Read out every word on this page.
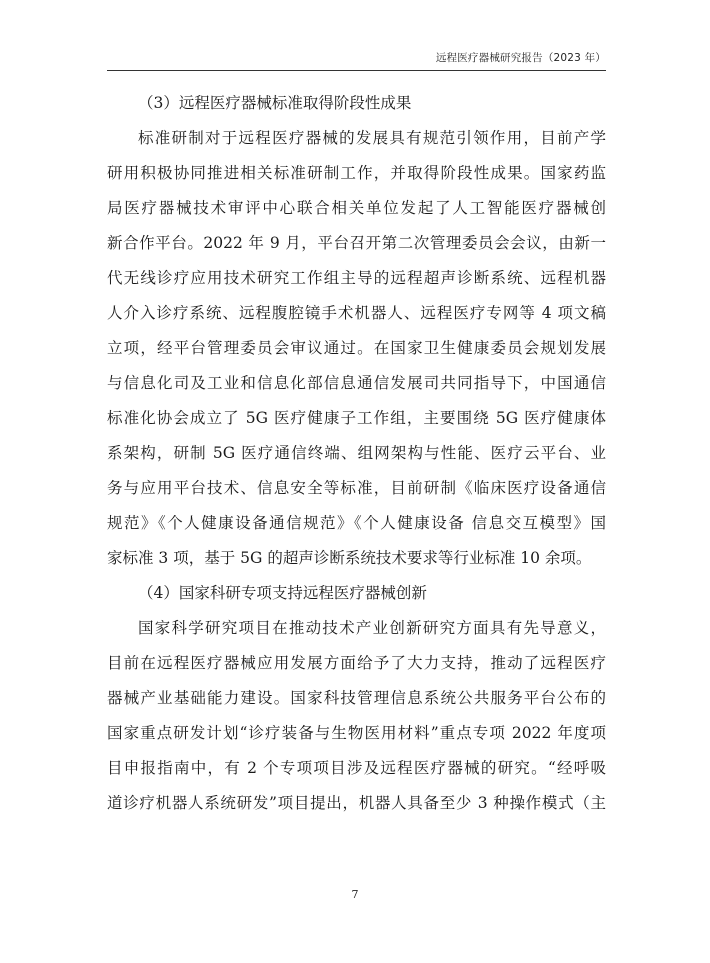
远程医疗器械研究报告（2023 年）

（3）远程医疗器械标准取得阶段性成果

标准研制对于远程医疗器械的发展具有规范引领作用，目前产学

研用积极协同推进相关标准研制工作，并取得阶段性成果。国家药监

局医疗器械技术审评中心联合相关单位发起了人工智能医疗器械创

新合作平台。2022 年 9 月，平台召开第二次管理委员会会议，由新一

代无线诊疗应用技术研究工作组主导的远程超声诊断系统、远程机器

人介入诊疗系统、远程腹腔镜手术机器人、远程医疗专网等 4 项文稿

立项，经平台管理委员会审议通过。在国家卫生健康委员会规划发展

与信息化司及工业和信息化部信息通信发展司共同指导下，中国通信

标准化协会成立了 5G 医疗健康子工作组，主要围绕 5G 医疗健康体

系架构，研制 5G 医疗通信终端、组网架构与性能、医疗云平台、业

务与应用平台技术、信息安全等标准，目前研制《临床医疗设备通信

规范》《个人健康设备通信规范》《个人健康设备 信息交互模型》国

家标准 3 项，基于 5G 的超声诊断系统技术要求等行业标准 10 余项。

（4）国家科研专项支持远程医疗器械创新

国家科学研究项目在推动技术产业创新研究方面具有先导意义，

目前在远程医疗器械应用发展方面给予了大力支持，推动了远程医疗

器械产业基础能力建设。国家科技管理信息系统公共服务平台公布的

国家重点研发计划“诊疗装备与生物医用材料”重点专项 2022 年度项

目申报指南中，有 2 个专项项目涉及远程医疗器械的研究。“经呼吸

道诊疗机器人系统研发”项目提出，机器人具备至少 3 种操作模式（主

7
